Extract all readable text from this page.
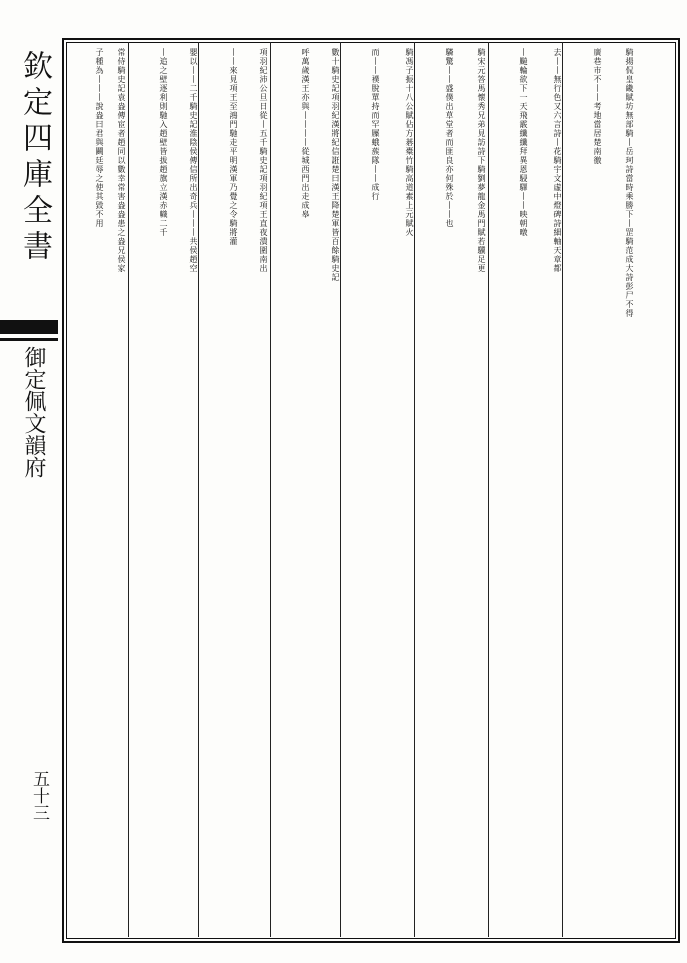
欽定四庫全書
御定佩文韻府
五十三
騎揚侃皇畿賦坊無部騎丨岳珂詩當時乘勝下丨罡騎范成大詩彭尸不得
廣巷市不丨丨考地當居楚南徼
去丨丨無行色又六言詩丨花騎宇文虛中燈碑詩細軸天章都
丨飈輪欲下一天飛霰纖纖拜異恩駸驛丨丨映朝暾
騎宋元答馬懷秀兄弟見訪詩下騎劉夢龍金馬門賦若驥足更
驎驚丨丨盛僕出草堂者而匪良亦何殊於丨丨也
騎馮子振十八公賦佔方碁橐竹騎高道素上元賦火
而丨丨襆脫單持而罕屧蛾蔟隊丨丨成行
數十騎史記項羽紀漢將紀信誑楚曰漢王降楚軍皆百餘騎史記
呼萬歲漢王亦與丨丨丨丨從城西門出走成皋
項羽紀沛公旦日從丨五千騎史記項羽紀項王直夜潰圍南出
丨丨來見項王至鴻門馳走平明漢軍乃覺之令騎將灌
嬰以丨丨二千騎史記淮陰侯傳信所出奇兵丨丨丨共侯趙空
丨追之壁逐利則馳入趙壁皆拔趙旗立漢赤幟二千
常侍騎史記袁盎傳宦者趙同以數幸常害盎盎患之盎兄侯家
子種為丨丨丨說盎曰君與鬬廷辱之使其毀不用
